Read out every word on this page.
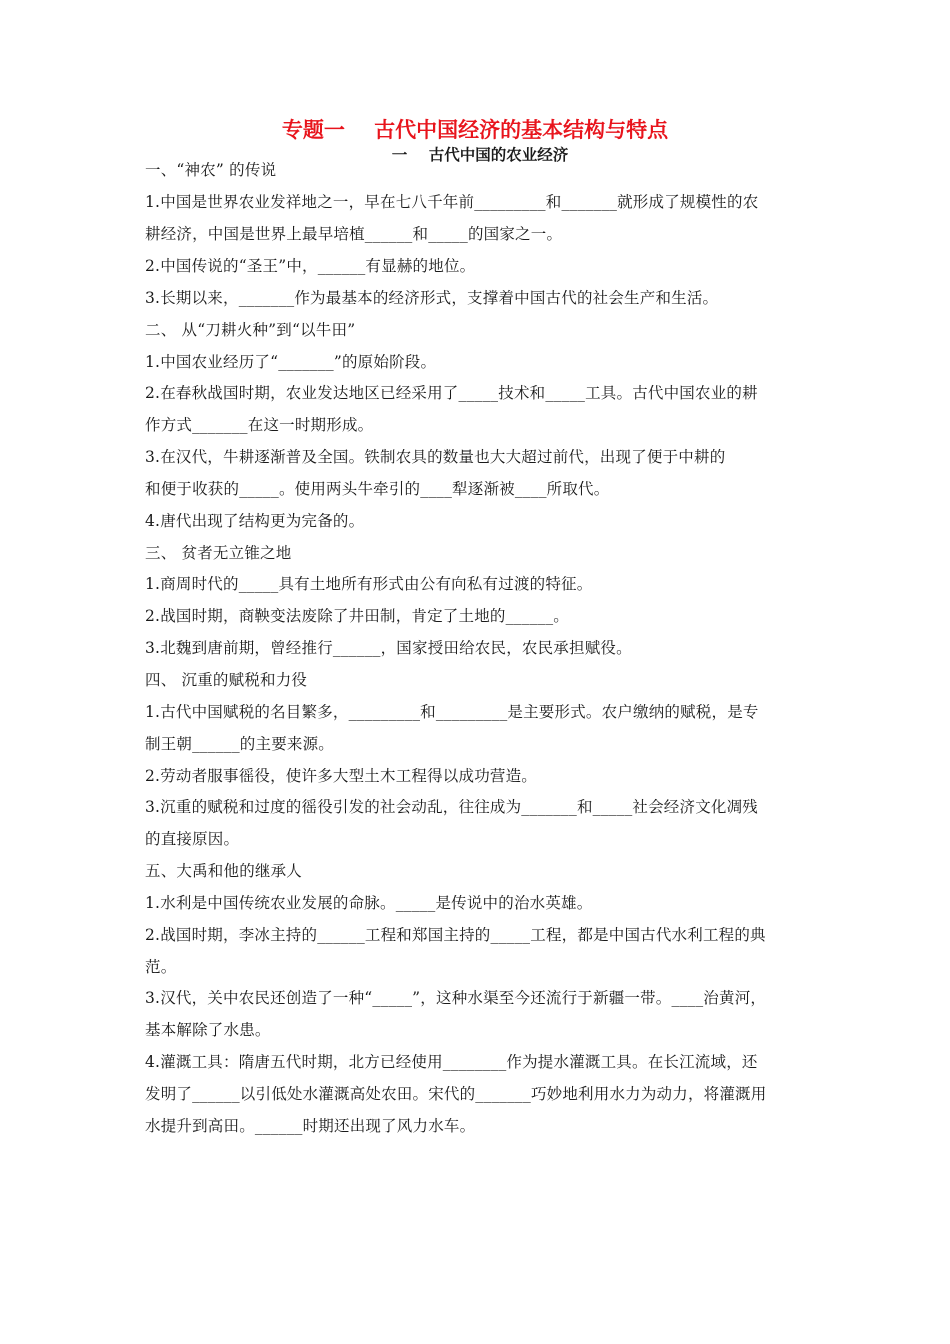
专题一    古代中国经济的基本结构与特点
一    古代中国的农业经济
一、“神农” 的传说
1.中国是世界农业发祥地之一，早在七八千年前_________和_______就形成了规模性的农
耕经济，中国是世界上最早培植______和_____的国家之一。
2.中国传说的“圣王”中，______有显赫的地位。
3.长期以来，_______作为最基本的经济形式，支撑着中国古代的社会生产和生活。
二、 从“刀耕火种”到“以牛田”
1.中国农业经历了“_______”的原始阶段。
2.在春秋战国时期，农业发达地区已经采用了_____技术和_____工具。古代中国农业的耕
作方式_______在这一时期形成。
3.在汉代，牛耕逐渐普及全国。铁制农具的数量也大大超过前代，出现了便于中耕的
和便于收获的_____。使用两头牛牵引的____犁逐渐被____所取代。
4.唐代出现了结构更为完备的。
三、 贫者无立锥之地
1.商周时代的_____具有土地所有形式由公有向私有过渡的特征。
2.战国时期，商鞅变法废除了井田制，肯定了土地的______。
3.北魏到唐前期，曾经推行______，国家授田给农民，农民承担赋役。
四、 沉重的赋税和力役
1.古代中国赋税的名目繁多，_________和_________是主要形式。农户缴纳的赋税，是专
制王朝______的主要来源。
2.劳动者服事徭役，使许多大型土木工程得以成功营造。
3.沉重的赋税和过度的徭役引发的社会动乱，往往成为_______和_____社会经济文化凋残
的直接原因。
五、大禹和他的继承人
1.水利是中国传统农业发展的命脉。_____是传说中的治水英雄。
2.战国时期，李冰主持的______工程和郑国主持的_____工程，都是中国古代水利工程的典
范。
3.汉代，关中农民还创造了一种“_____”，这种水渠至今还流行于新疆一带。____治黄河，
基本解除了水患。
4.灌溉工具：隋唐五代时期，北方已经使用________作为提水灌溉工具。在长江流域，还
发明了______以引低处水灌溉高处农田。宋代的_______巧妙地利用水力为动力，将灌溉用
水提升到高田。______时期还出现了风力水车。
